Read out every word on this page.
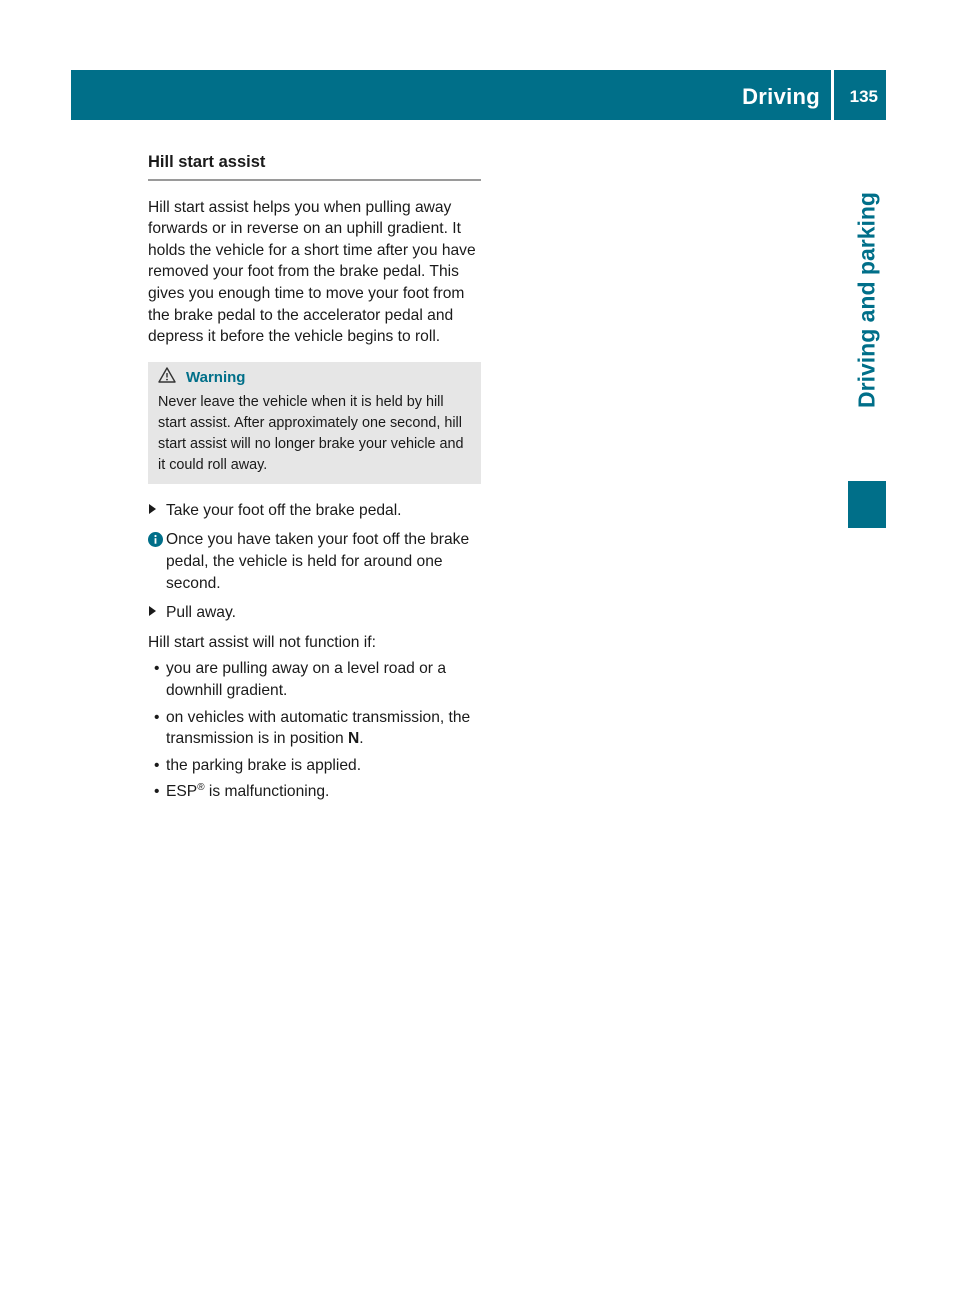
Driving 135
Driving and parking
Hill start assist

Hill start assist helps you when pulling away forwards or in reverse on an uphill gradient. It holds the vehicle for a short time after you have removed your foot from the brake pedal. This gives you enough time to move your foot from the brake pedal to the accelerator pedal and depress it before the vehicle begins to roll.

Warning
Never leave the vehicle when it is held by hill start assist. After approximately one second, hill start assist will no longer brake your vehicle and it could roll away.
Take your foot off the brake pedal.
Once you have taken your foot off the brake pedal, the vehicle is held for around one second.
Pull away.

Hill start assist will not function if:

• you are pulling away on a level road or a downhill gradient.
• on vehicles with automatic transmission, the transmission is in position N.
• the parking brake is applied.
• ESP® is malfunctioning.
